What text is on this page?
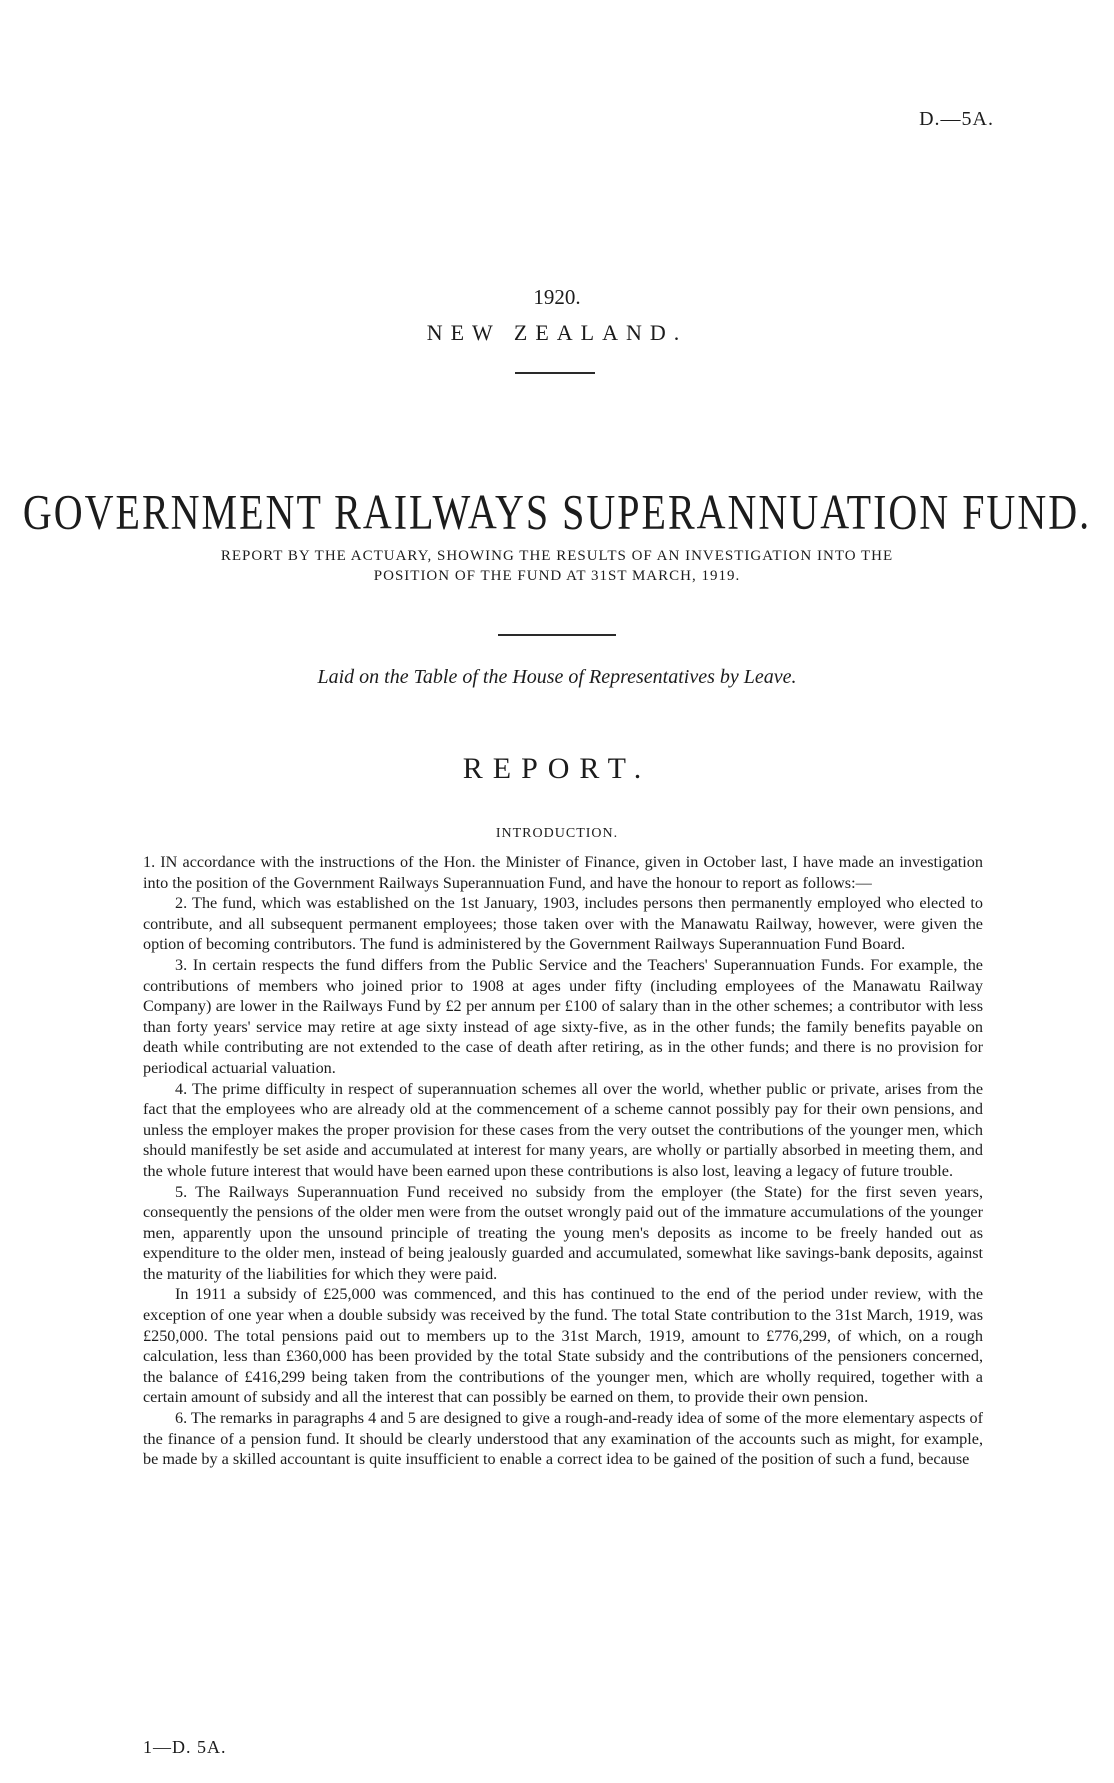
D.—5A.
1920.
NEW ZEALAND.
GOVERNMENT RAILWAYS SUPERANNUATION FUND.
REPORT BY THE ACTUARY, SHOWING THE RESULTS OF AN INVESTIGATION INTO THE
POSITION OF THE FUND AT 31ST MARCH, 1919.
Laid on the Table of the House of Representatives by Leave.
REPORT.
INTRODUCTION.

1. IN accordance with the instructions of the Hon. the Minister of Finance, given in October last, I have made an investigation into the position of the Government Railways Superannuation Fund, and have the honour to report as follows:—

2. The fund, which was established on the 1st January, 1903, includes persons then permanently employed who elected to contribute, and all subsequent permanent employees; those taken over with the Manawatu Railway, however, were given the option of becoming contributors. The fund is administered by the Government Railways Superannuation Fund Board.

3. In certain respects the fund differs from the Public Service and the Teachers' Superannuation Funds. For example, the contributions of members who joined prior to 1908 at ages under fifty (including employees of the Manawatu Railway Company) are lower in the Railways Fund by £2 per annum per £100 of salary than in the other schemes; a contributor with less than forty years' service may retire at age sixty instead of age sixty-five, as in the other funds; the family benefits payable on death while contributing are not extended to the case of death after retiring, as in the other funds; and there is no provision for periodical actuarial valuation.

4. The prime difficulty in respect of superannuation schemes all over the world, whether public or private, arises from the fact that the employees who are already old at the commencement of a scheme cannot possibly pay for their own pensions, and unless the employer makes the proper provision for these cases from the very outset the contributions of the younger men, which should manifestly be set aside and accumulated at interest for many years, are wholly or partially absorbed in meeting them, and the whole future interest that would have been earned upon these contributions is also lost, leaving a legacy of future trouble.

5. The Railways Superannuation Fund received no subsidy from the employer (the State) for the first seven years, consequently the pensions of the older men were from the outset wrongly paid out of the immature accumulations of the younger men, apparently upon the unsound principle of treating the young men's deposits as income to be freely handed out as expenditure to the older men, instead of being jealously guarded and accumulated, somewhat like savings-bank deposits, against the maturity of the liabilities for which they were paid.

In 1911 a subsidy of £25,000 was commenced, and this has continued to the end of the period under review, with the exception of one year when a double subsidy was received by the fund. The total State contribution to the 31st March, 1919, was £250,000. The total pensions paid out to members up to the 31st March, 1919, amount to £776,299, of which, on a rough calculation, less than £360,000 has been provided by the total State subsidy and the contributions of the pensioners concerned, the balance of £416,299 being taken from the contributions of the younger men, which are wholly required, together with a certain amount of subsidy and all the interest that can possibly be earned on them, to provide their own pension.

6. The remarks in paragraphs 4 and 5 are designed to give a rough-and-ready idea of some of the more elementary aspects of the finance of a pension fund. It should be clearly understood that any examination of the accounts such as might, for example, be made by a skilled accountant is quite insufficient to enable a correct idea to be gained of the position of such a fund, because

1—D. 5A.
